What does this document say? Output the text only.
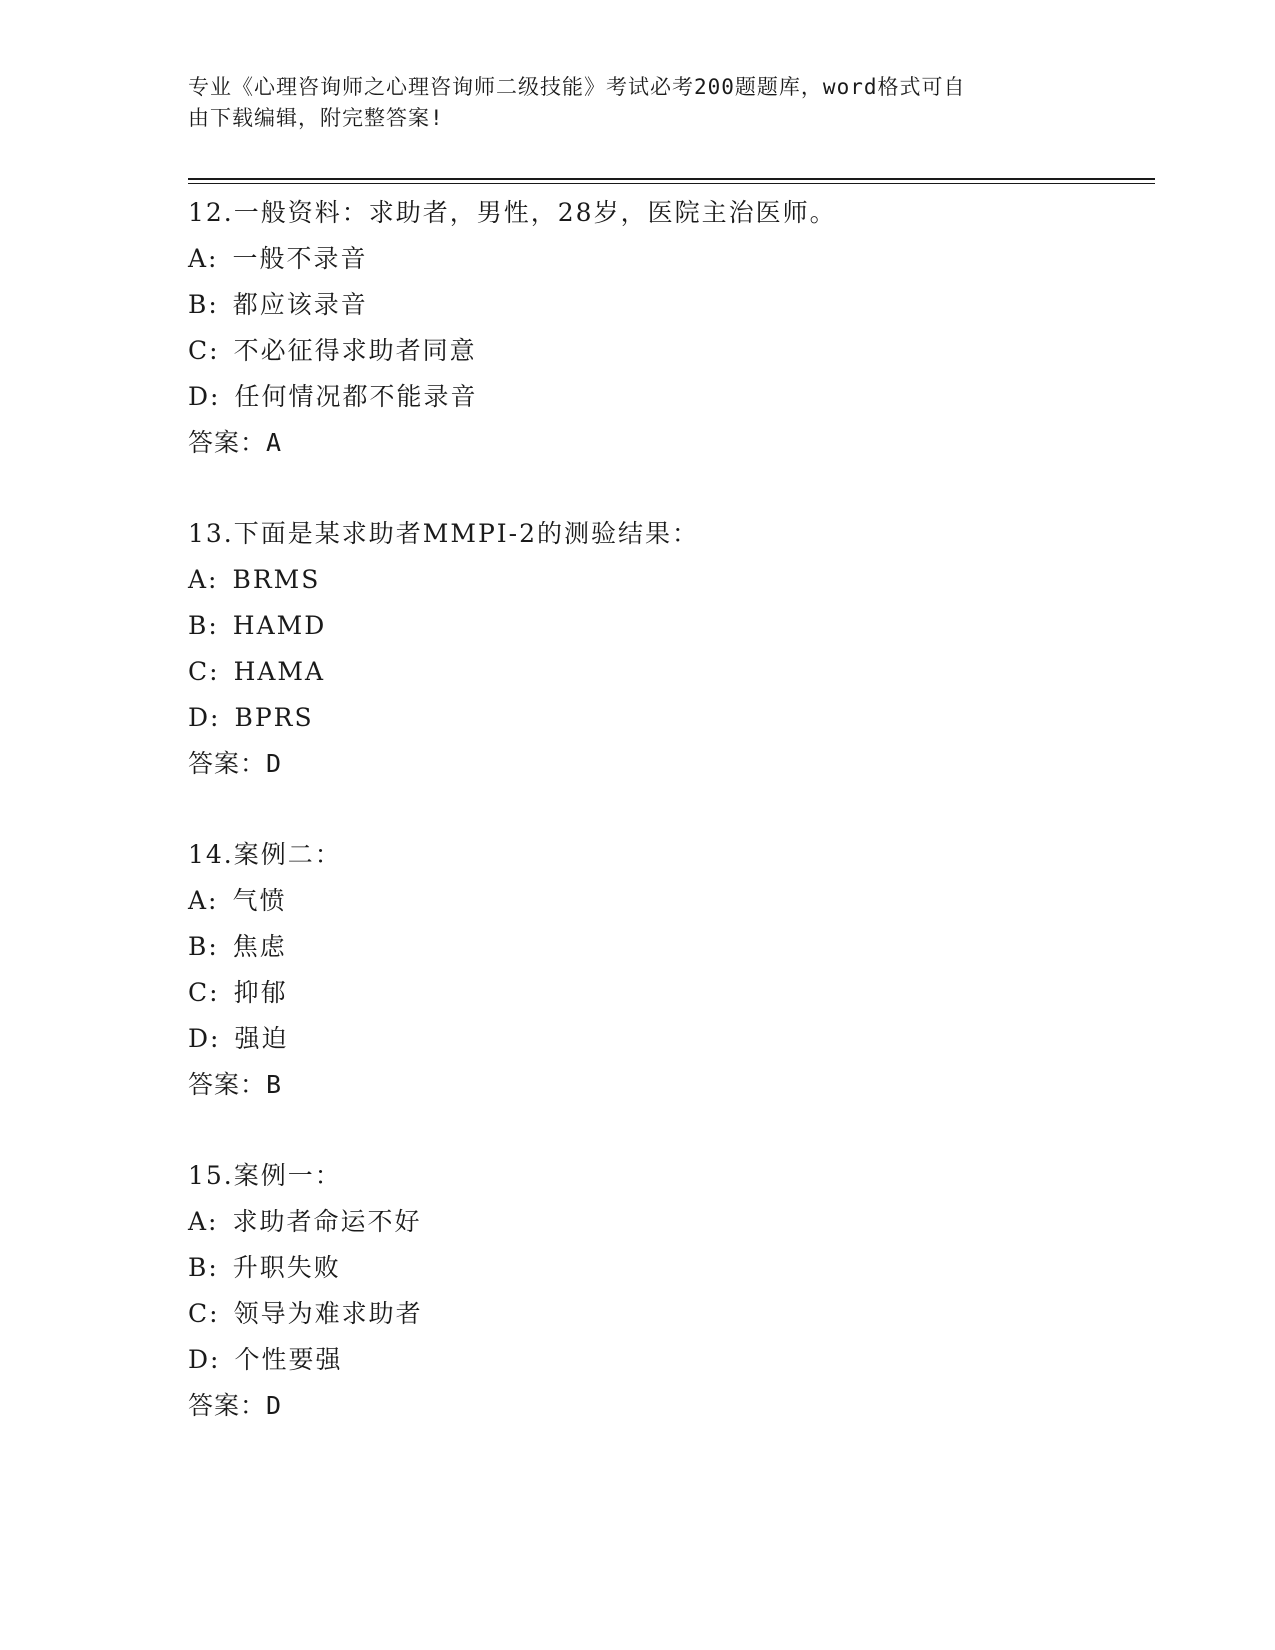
专业《心理咨询师之心理咨询师二级技能》考试必考200题题库，word格式可自

由下载编辑，附完整答案!

12.一般资料：求助者，男性，28岁，医院主治医师。
A: 一般不录音
B: 都应该录音
C: 不必征得求助者同意
D: 任何情况都不能录音
答案：A
13.下面是某求助者MMPI-2的测验结果：
A: BRMS
B: HAMD
C: HAMA
D: BPRS
答案：D
14.案例二：
A: 气愤
B: 焦虑
C: 抑郁
D: 强迫
答案：B
15.案例一：
A: 求助者命运不好
B: 升职失败
C: 领导为难求助者
D: 个性要强
答案：D
